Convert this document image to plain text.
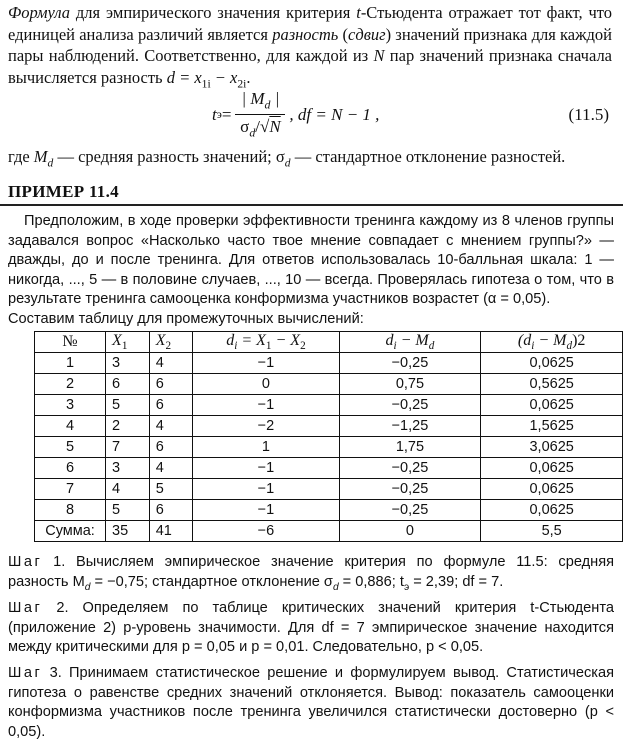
Формула для эмпирического значения критерия t-Стьюдента отражает тот факт, что единицей анализа различий является разность (сдвиг) значений признака для каждой пары наблюдений. Соответственно, для каждой из N пар значений признака сначала вычисляется разность $d = x_{1i} - x_{2i}$.
t $э = \frac{| M_d |}{\sigma_d/√N}$ , df = N − 1 ,	(11.5)
где $M_d$ — средняя разность значений; $\sigma_d$ — стандартное отклонение разностей.
ПРИМЕР 11.4
Предположим, в ходе проверки эффективности тренинга каждому из 8 членов группы задавался вопрос «Насколько часто твое мнение совпадает с мнением группы?» — дважды, до и после тренинга. Для ответов использовалась 10-балльная шкала: 1 — никогда, ..., 5 — в половине случаев, ..., 10 — всегда. Проверялась гипотеза о том, что в результате тренинга самооценка конформизма участников возрастет (α = 0,05).
Составим таблицу для промежуточных вычислений:
№	$X_1$	$X_2$	$d_i = X_1 - X_2$	$d_i - M_d$	$(d_i - M_d)2$
1	3	4	−1	−0,25	0,0625
2	6	6	0	0,75	0,5625
3	5	6	−1	−0,25	0,0625
4	2	4	−2	−1,25	1,5625
5	7	6	1	1,75	3,0625
6	3	4	−1	−0,25	0,0625
7	4	5	−1	−0,25	0,0625
8	5	6	−1	−0,25	0,0625
Сумма:	35	41	−6	0	5,5
Шаг 1. Вычисляем эмпирическое значение критерия по формуле 11.5: средняя разность $M_d = -0,75$; стандартное отклонение $\sigma_d = 0,886$; $t_э = 2,39$; df = 7.
Шаг 2. Определяем по таблице критических значений критерия t-Стьюдента (приложение 2) p-уровень значимости. Для df = 7 эмпирическое значение находится между критическими для p = 0,05 и p = 0,01. Следовательно, p < 0,05.
Шаг 3. Принимаем статистическое решение и формулируем вывод. Статистическая гипотеза о равенстве средних значений отклоняется. Вывод: показатель самооценки конформизма участников после тренинга увеличился статистически достоверно (p < 0,05).
